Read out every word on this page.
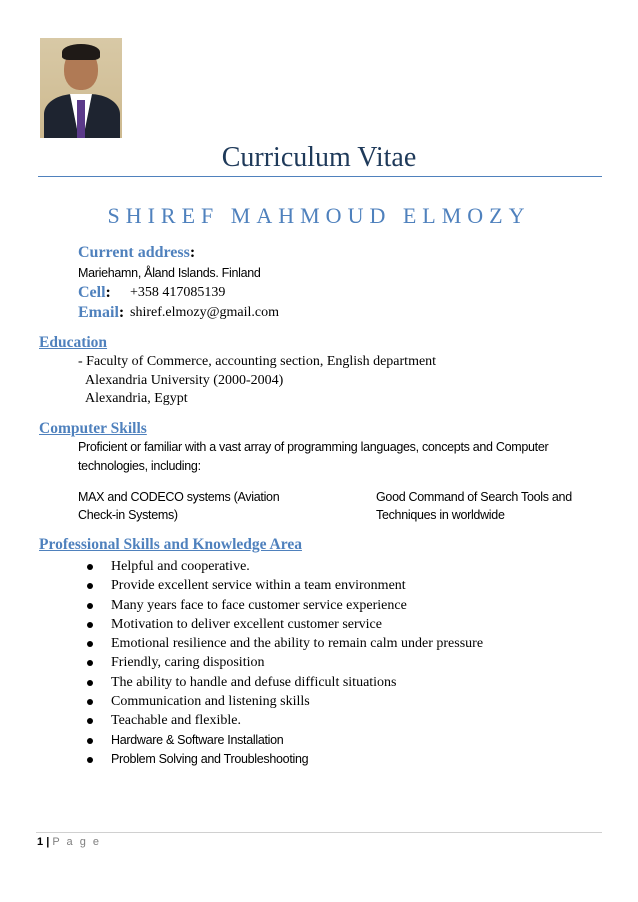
Curriculum Vitae
SHIREF MAHMOUD ELMOZY
Current address:
Mariehamn, Åland Islands. Finland
Cell: +358 417085139
Email: shiref.elmozy@gmail.com
Education
- Faculty of Commerce, accounting section, English department
Alexandria University (2000-2004)
Alexandria, Egypt
Computer Skills
Proficient or familiar with a vast array of programming languages, concepts and Computer
technologies, including:
MAX and CODECO systems (Aviation
Check-in Systems)
Good Command of Search Tools and
Techniques in worldwide
Professional Skills and Knowledge Area
Helpful and cooperative.
Provide excellent service within a team environment
Many years face to face customer service experience
Motivation to deliver excellent customer service
Emotional resilience and the ability to remain calm under pressure
Friendly, caring disposition
The ability to handle and defuse difficult situations
Communication and listening skills
Teachable and flexible.
Hardware & Software Installation
Problem Solving and Troubleshooting
1 | P a g e
